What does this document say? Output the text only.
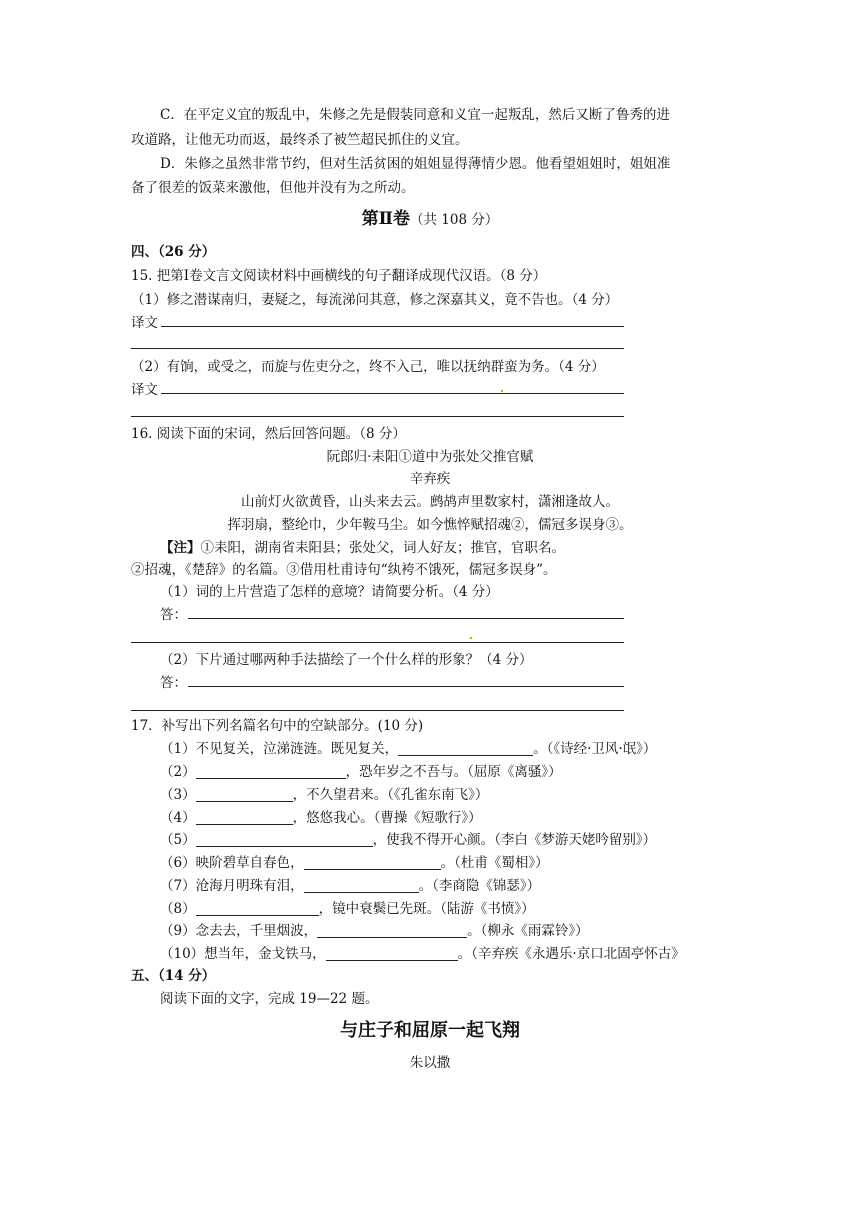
C．在平定义宜的叛乱中，朱修之先是假装同意和义宜一起叛乱，然后又断了鲁秀的进
攻道路，让他无功而返，最终杀了被竺超民抓住的义宜。
D．朱修之虽然非常节约，但对生活贫困的姐姐显得薄情少恩。他看望姐姐时，姐姐准
备了很差的饭菜来激他，但他并没有为之所动。
第Ⅱ卷（共 108 分）
四、（26 分）
15. 把第Ⅰ卷文言文阅读材料中画横线的句子翻译成现代汉语。（8 分）
（1）修之潜谋南归，妻疑之，每流涕问其意，修之深嘉其义，竟不告也。（4 分）
译文
（2）有饷，或受之，而旋与佐吏分之，终不入己，唯以抚纳群蛮为务。（4 分）
译文
16. 阅读下面的宋词，然后回答问题。（8 分）
阮郎归·耒阳①道中为张处父推官赋
辛弃疾
山前灯火欲黄昏，山头来去云。鹧鸪声里数家村，潇湘逢故人。
挥羽扇，整纶巾，少年鞍马尘。如今憔悴赋招魂②，儒冠多误身③。
【注】①耒阳，湖南省耒阳县；张处父，词人好友；推官，官职名。
②招魂，《楚辞》的名篇。③借用杜甫诗句“纨袴不饿死，儒冠多误身”。
（1）词的上片营造了怎样的意境？请简要分析。（4 分）
答：
（2）下片通过哪两种手法描绘了一个什么样的形象？（4 分）
答：
17．补写出下列名篇名句中的空缺部分。(10 分)
（1）不见复关，泣涕涟涟。既见复关，	。（《诗经·卫风·氓》）
（2）	，恐年岁之不吾与。（屈原《离骚》）
（3）	，不久望君来。（《孔雀东南飞》）
（4）	，悠悠我心。（曹操《短歌行》）
（5）	，使我不得开心颜。（李白《梦游天姥吟留别》）
（6）映阶碧草自春色，	。（杜甫《蜀相》）
（7）沧海月明珠有泪，	。（李商隐《锦瑟》）
（8）	，镜中衰鬓已先斑。（陆游《书愤》）
（9）念去去，千里烟波，	。（柳永《雨霖铃》）
（10）想当年，金戈铁马，	。（辛弃疾《永遇乐·京口北固亭怀古》
五、（14 分）
阅读下面的文字，完成 19—22 题。
与庄子和屈原一起飞翔
朱以撒
